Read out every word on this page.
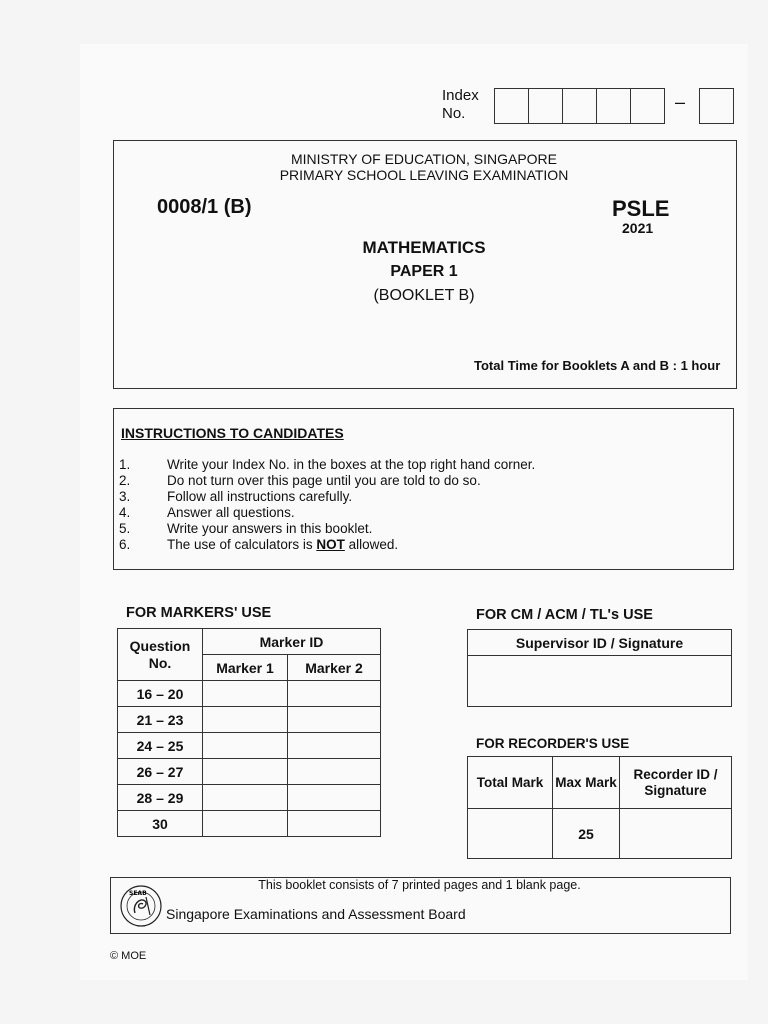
Index
No.
–
MINISTRY OF EDUCATION, SINGAPORE
PRIMARY SCHOOL LEAVING EXAMINATION
0008/1 (B)	PSLE
2021
MATHEMATICS
PAPER 1
(BOOKLET B)
Total Time for Booklets A and B : 1 hour
INSTRUCTIONS TO CANDIDATES
1.	Write your Index No. in the boxes at the top right hand corner.
2.	Do not turn over this page until you are told to do so.
3.	Follow all instructions carefully.
4.	Answer all questions.
5.	Write your answers in this booklet.
6.	The use of calculators is NOT allowed.
FOR MARKERS' USE
Question No.	Marker ID	
	Marker 1	Marker 2
16 – 20		
21 – 23		
24 – 25		
26 – 27		
28 – 29		
30		
FOR CM / ACM / TL's USE
Supervisor ID / Signature

FOR RECORDER'S USE
Total Mark	Max Mark	Recorder ID / Signature
	25	
This booklet consists of 7 printed pages and 1 blank page.
SEAB
Singapore Examinations and Assessment Board
© MOE
